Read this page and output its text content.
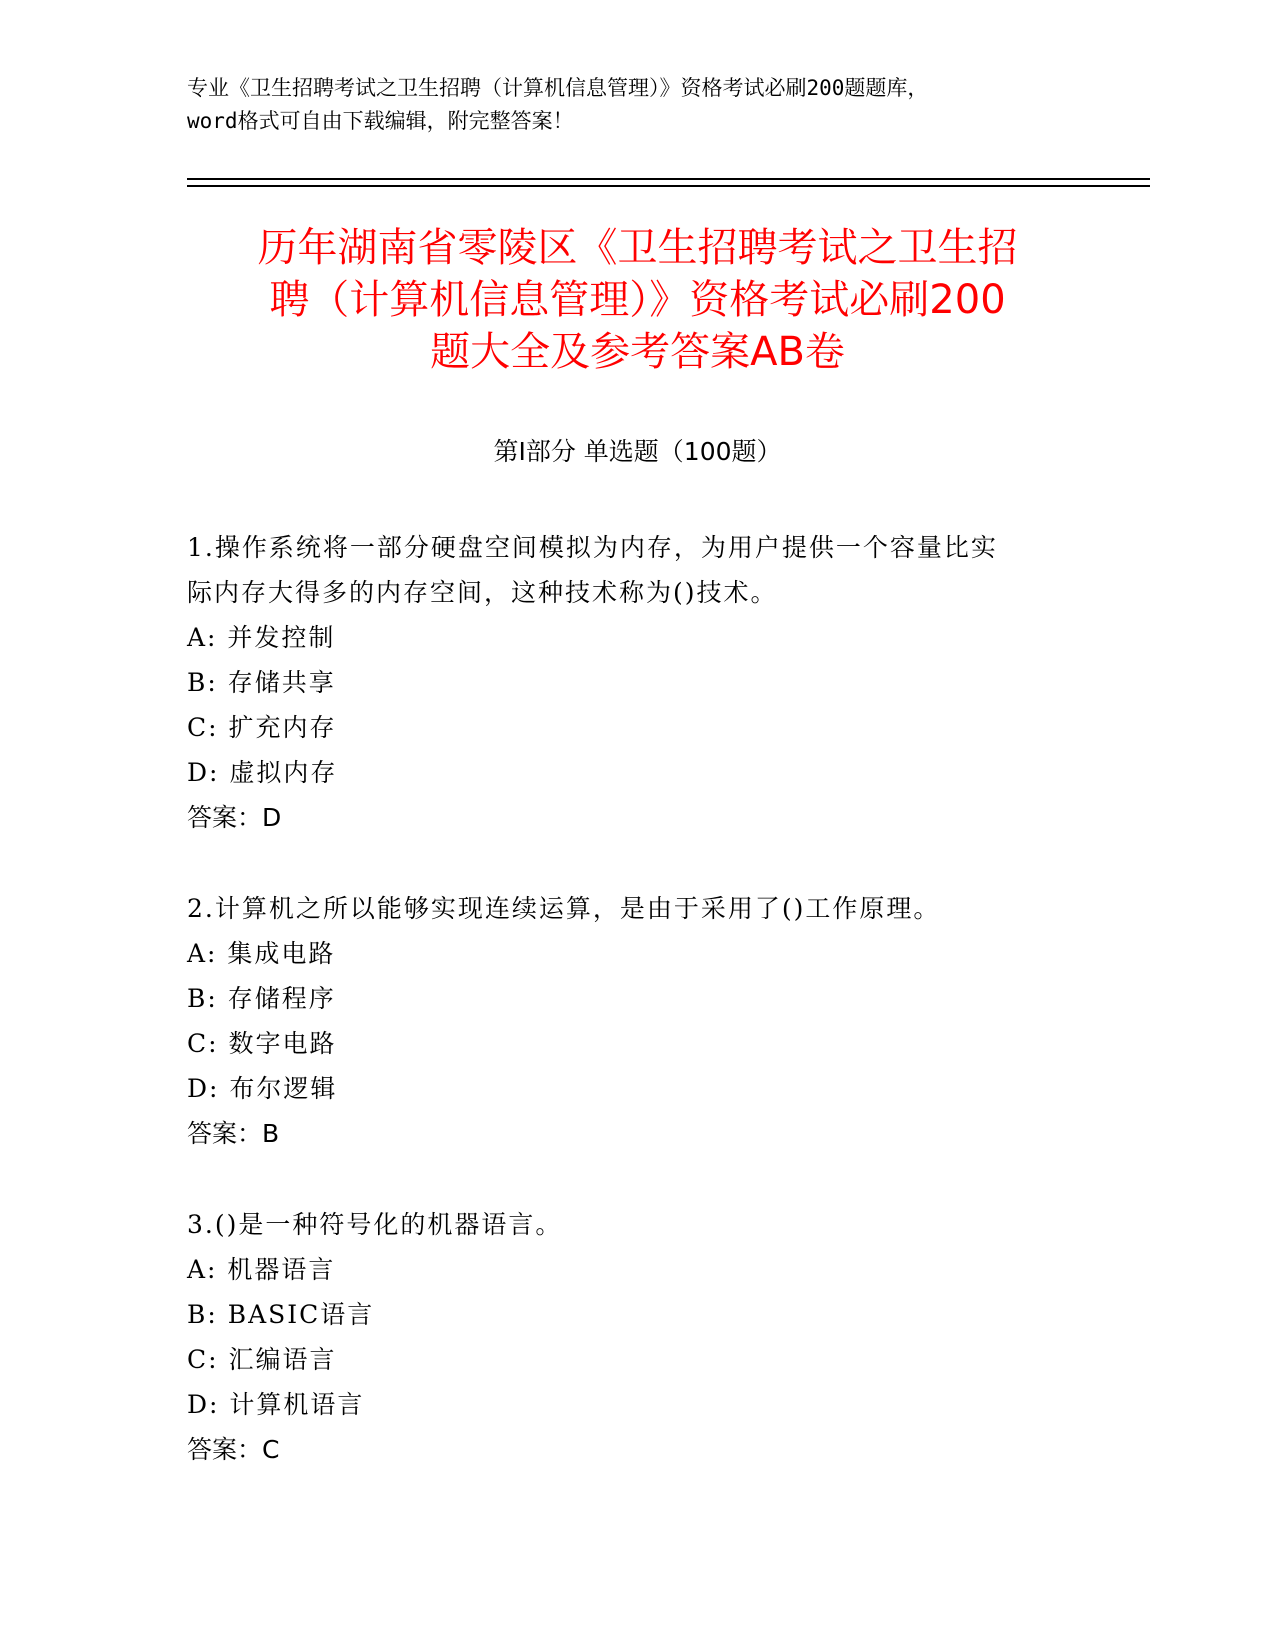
专业《卫生招聘考试之卫生招聘（计算机信息管理）》资格考试必刷200题题库，
word格式可自由下载编辑，附完整答案！
历年湖南省零陵区《卫生招聘考试之卫生招
聘（计算机信息管理）》资格考试必刷200
题大全及参考答案AB卷
第Ⅰ部分 单选题（100题）
1.操作系统将一部分硬盘空间模拟为内存，为用户提供一个容量比实
际内存大得多的内存空间，这种技术称为()技术。
A: 并发控制
B: 存储共享
C: 扩充内存
D: 虚拟内存
答案：D
2.计算机之所以能够实现连续运算，是由于采用了()工作原理。
A: 集成电路
B: 存储程序
C: 数字电路
D: 布尔逻辑
答案：B
3.()是一种符号化的机器语言。
A: 机器语言
B: BASIC语言
C: 汇编语言
D: 计算机语言
答案：C
